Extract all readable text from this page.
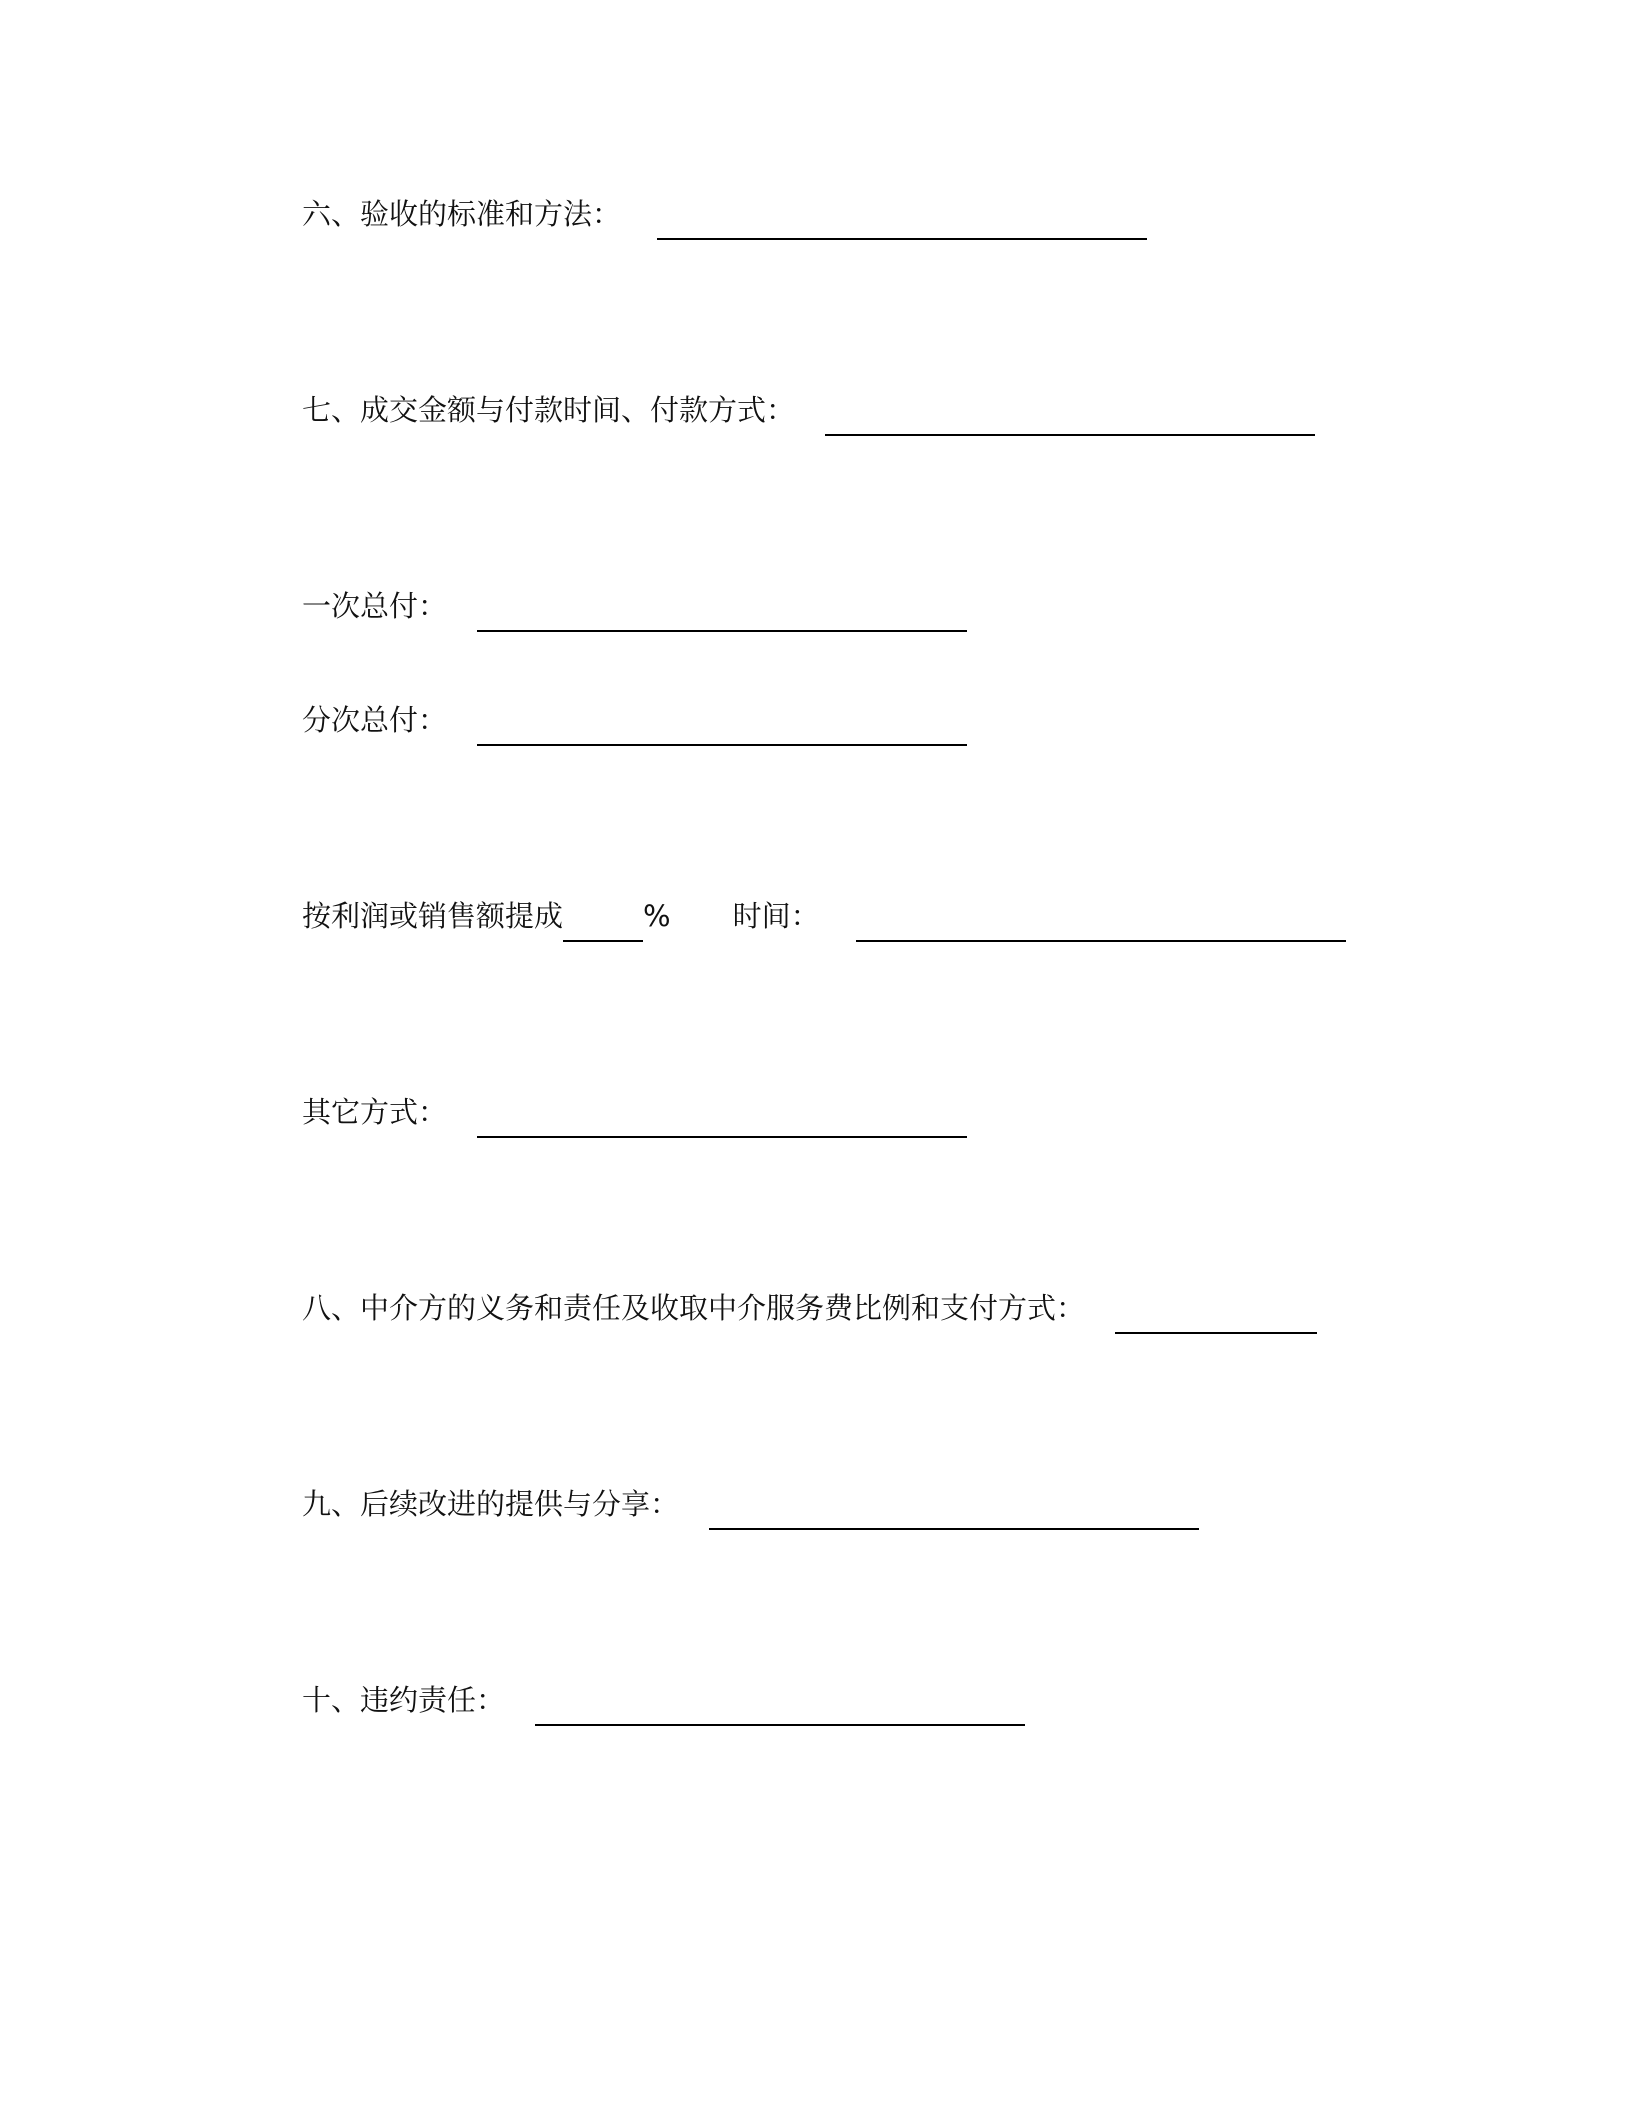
六、验收的标准和方法：
七、成交金额与付款时间、付款方式：
一次总付：
分次总付：
按利润或销售额提成	% 时间：
其它方式：
八、中介方的义务和责任及收取中介服务费比例和支付方式：
九、后续改进的提供与分享：
十、违约责任：
